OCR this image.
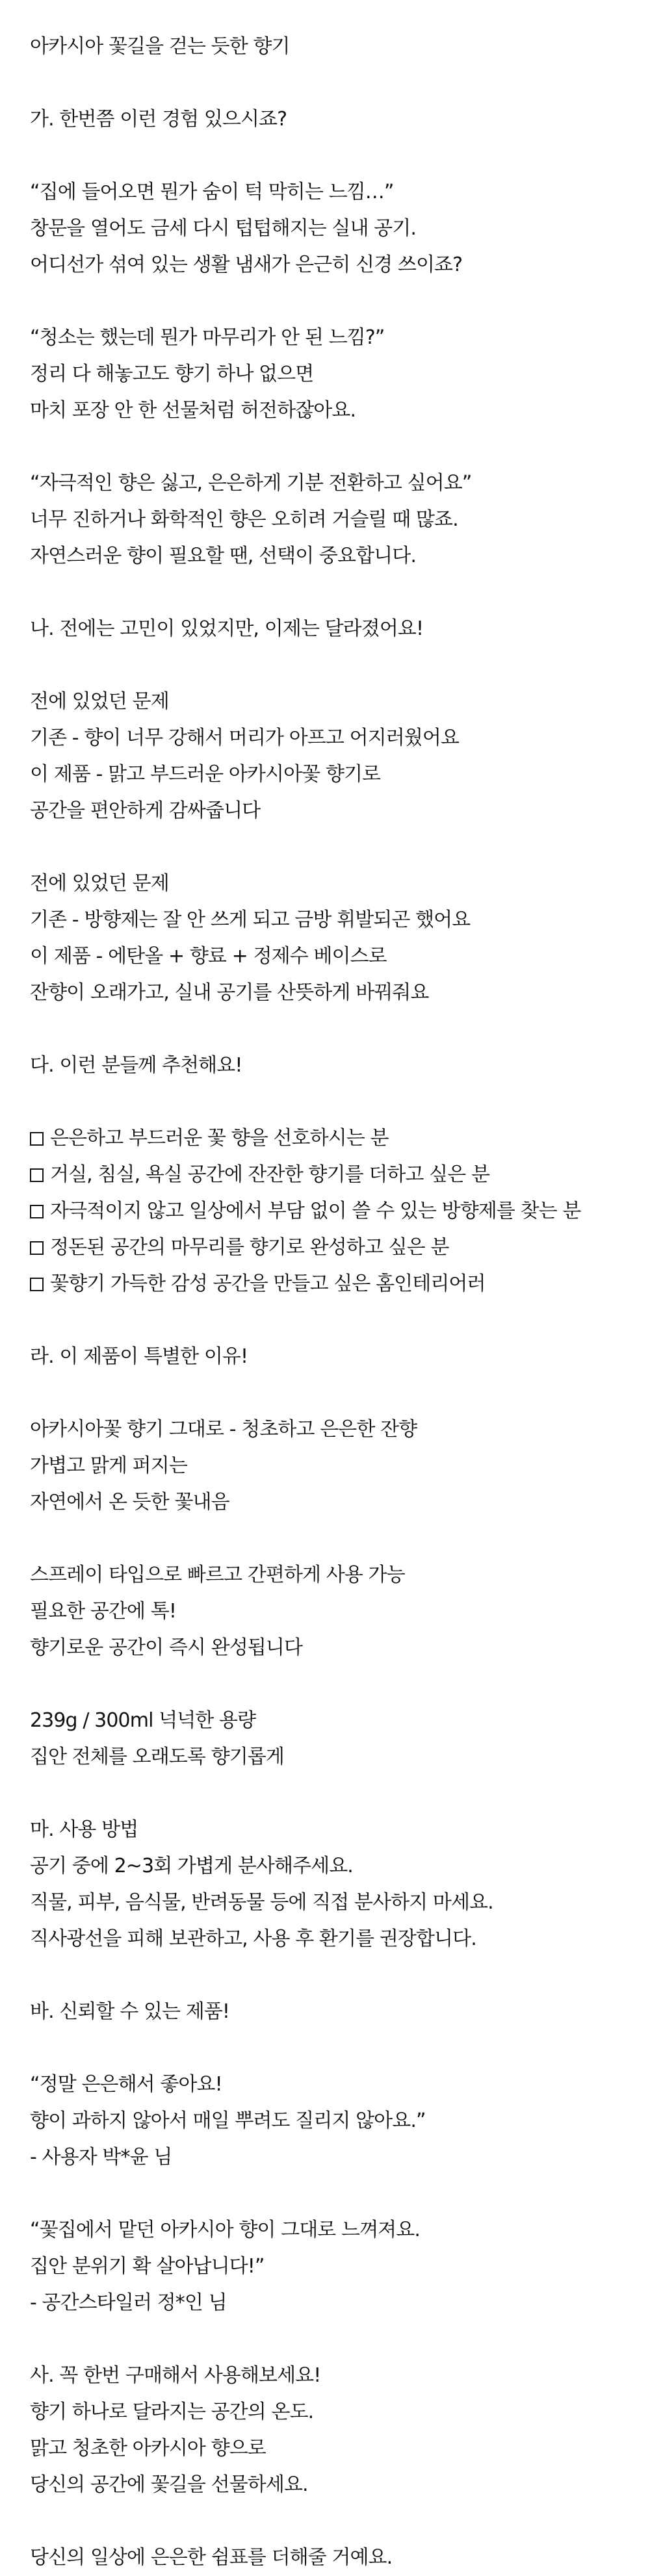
아카시아 꽃길을 걷는 듯한 향기
가. 한번쯤 이런 경험 있으시죠?
“집에 들어오면 뭔가 숨이 턱 막히는 느낌…”
창문을 열어도 금세 다시 텁텁해지는 실내 공기.
어디선가 섞여 있는 생활 냄새가 은근히 신경 쓰이죠?
“청소는 했는데 뭔가 마무리가 안 된 느낌?”
정리 다 해놓고도 향기 하나 없으면
마치 포장 안 한 선물처럼 허전하잖아요.
“자극적인 향은 싫고, 은은하게 기분 전환하고 싶어요”
너무 진하거나 화학적인 향은 오히려 거슬릴 때 많죠.
자연스러운 향이 필요할 땐, 선택이 중요합니다.
나. 전에는 고민이 있었지만, 이제는 달라졌어요!
전에 있었던 문제
기존 - 향이 너무 강해서 머리가 아프고 어지러웠어요
이 제품 - 맑고 부드러운 아카시아꽃 향기로
공간을 편안하게 감싸줍니다
전에 있었던 문제
기존 - 방향제는 잘 안 쓰게 되고 금방 휘발되곤 했어요
이 제품 - 에탄올 + 향료 + 정제수 베이스로
잔향이 오래가고, 실내 공기를 산뜻하게 바꿔줘요
다. 이런 분들께 추천해요!
은은하고 부드러운 꽃 향을 선호하시는 분
거실, 침실, 욕실 공간에 잔잔한 향기를 더하고 싶은 분
자극적이지 않고 일상에서 부담 없이 쓸 수 있는 방향제를 찾는 분
정돈된 공간의 마무리를 향기로 완성하고 싶은 분
꽃향기 가득한 감성 공간을 만들고 싶은 홈인테리어러
라. 이 제품이 특별한 이유!
아카시아꽃 향기 그대로 - 청초하고 은은한 잔향
가볍고 맑게 퍼지는
자연에서 온 듯한 꽃내음
스프레이 타입으로 빠르고 간편하게 사용 가능
필요한 공간에 톡!
향기로운 공간이 즉시 완성됩니다
239g / 300ml 넉넉한 용량
집안 전체를 오래도록 향기롭게
마. 사용 방법
공기 중에 2~3회 가볍게 분사해주세요.
직물, 피부, 음식물, 반려동물 등에 직접 분사하지 마세요.
직사광선을 피해 보관하고, 사용 후 환기를 권장합니다.
바. 신뢰할 수 있는 제품!
“정말 은은해서 좋아요!
향이 과하지 않아서 매일 뿌려도 질리지 않아요.”
- 사용자 박*윤 님
“꽃집에서 맡던 아카시아 향이 그대로 느껴져요.
집안 분위기 확 살아납니다!”
- 공간스타일러 정*인 님
사. 꼭 한번 구매해서 사용해보세요!
향기 하나로 달라지는 공간의 온도.
맑고 청초한 아카시아 향으로
당신의 공간에 꽃길을 선물하세요.
당신의 일상에 은은한 쉼표를 더해줄 거예요.
